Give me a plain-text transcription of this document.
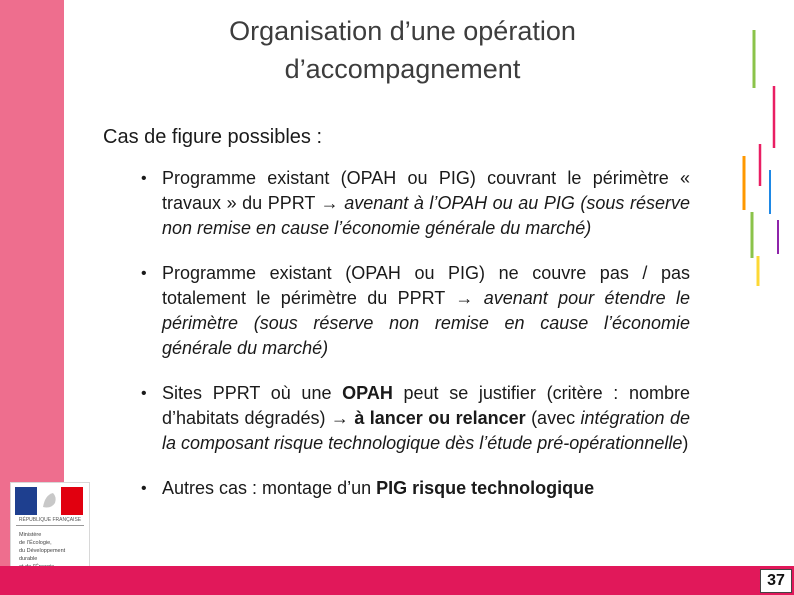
Organisation d’une opération d’accompagnement
Cas de figure possibles :
• Programme existant (OPAH ou PIG) couvrant le périmètre « travaux » du PPRT → avenant à l’OPAH ou au PIG (sous réserve non remise en cause l’économie générale du marché)
• Programme existant (OPAH ou PIG) ne couvre pas / pas totalement le périmètre du PPRT → avenant pour étendre le périmètre (sous réserve non remise en cause l’économie générale du marché)
• Sites PPRT où une OPAH peut se justifier (critère : nombre d’habitats dégradés) → à lancer ou relancer (avec intégration de la composant risque technologique dès l’étude pré-opérationnelle)
• Autres cas : montage d’un PIG risque technologique
RÉPUBLIQUE FRANÇAISE
Ministère
de l’Écologie,
du Développement
durable
37
